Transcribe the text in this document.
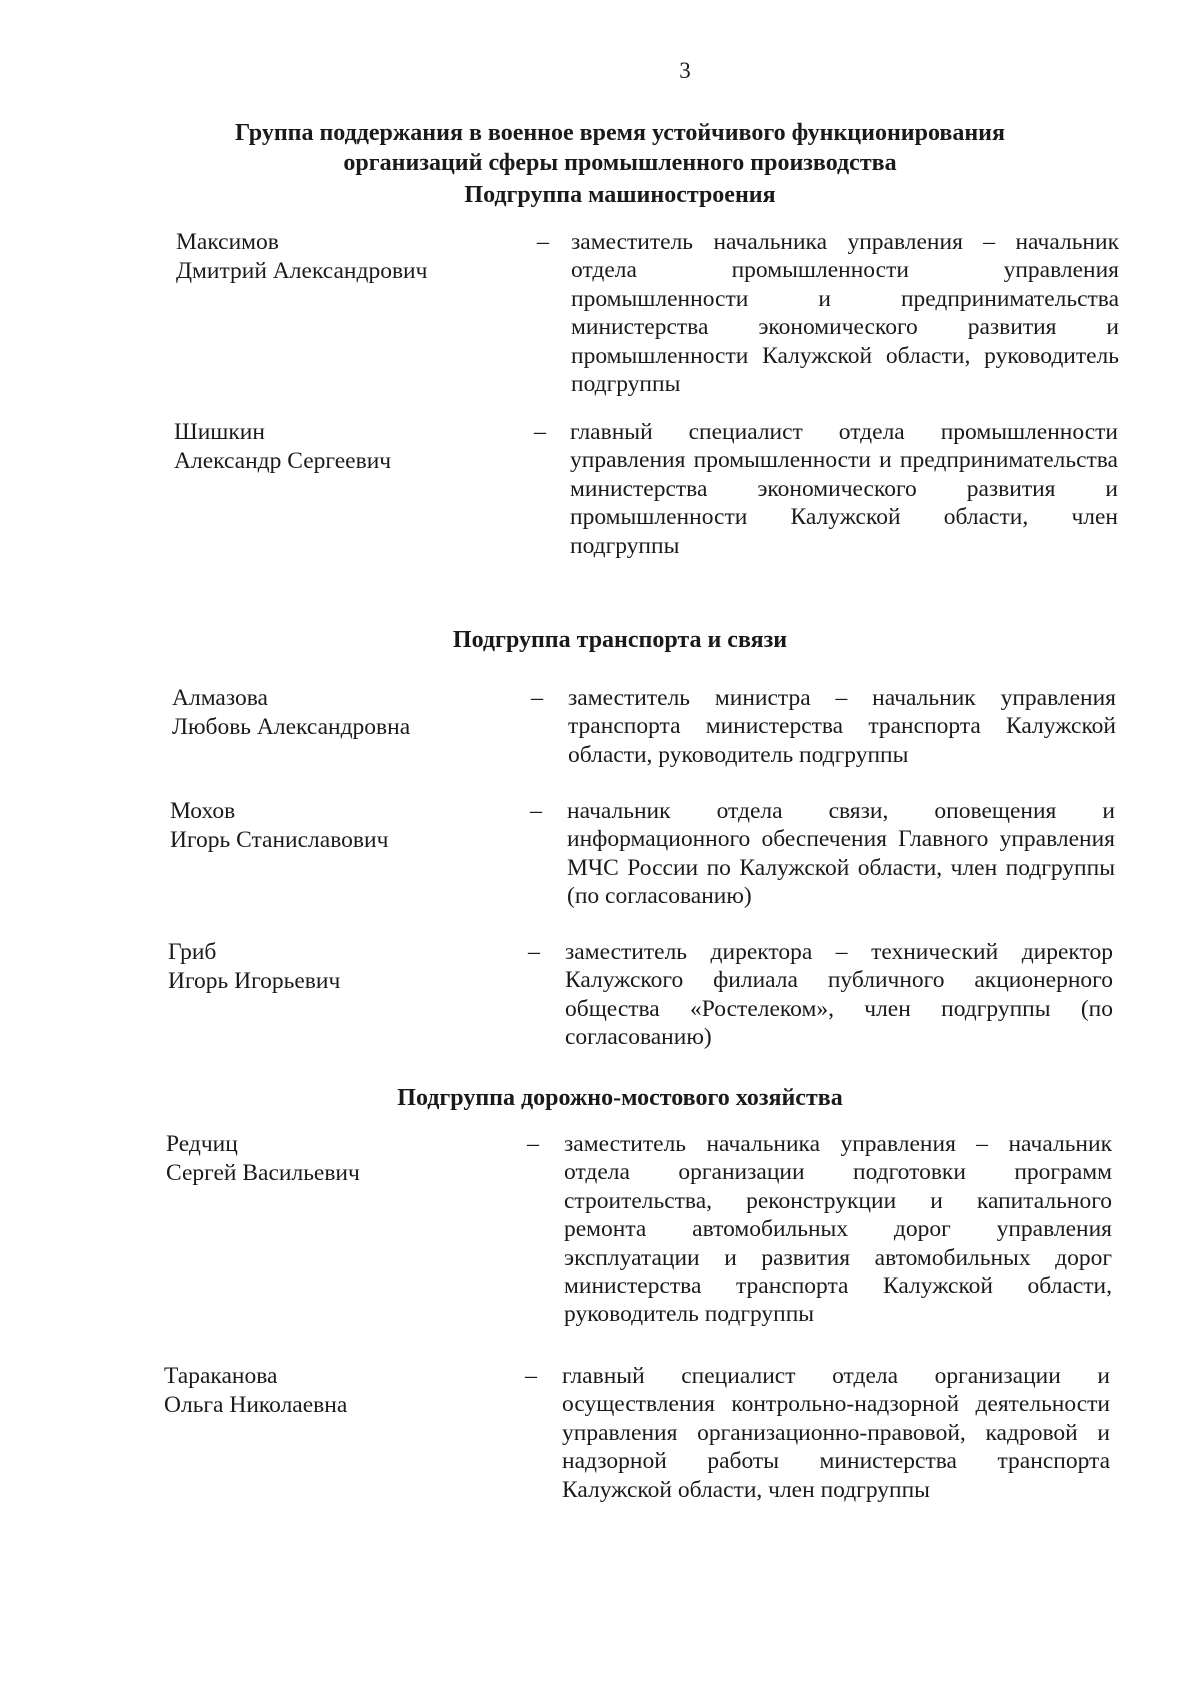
3
Группа поддержания в военное время устойчивого функционирования организаций сферы промышленного производства
Подгруппа машиностроения
Максимов
Дмитрий Александрович
– заместитель начальника управления – начальник отдела промышленности управления промышленности и предпринимательства министерства экономического развития и промышленности Калужской области, руководитель подгруппы
Шишкин
Александр Сергеевич
– главный специалист отдела промышленности управления промышленности и предпринимательства министерства экономического развития и промышленности Калужской области, член подгруппы
Подгруппа транспорта и связи
Алмазова
Любовь Александровна
– заместитель министра – начальник управления транспорта министерства транспорта Калужской области, руководитель подгруппы
Мохов
Игорь Станиславович
– начальник отдела связи, оповещения и информационного обеспечения Главного управления МЧС России по Калужской области, член подгруппы (по согласованию)
Гриб
Игорь Игорьевич
– заместитель директора – технический директор Калужского филиала публичного акционерного общества «Ростелеком», член подгруппы (по согласованию)
Подгруппа дорожно-мостового хозяйства
Редчиц
Сергей Васильевич
– заместитель начальника управления – начальник отдела организации подготовки программ строительства, реконструкции и капитального ремонта автомобильных дорог управления эксплуатации и развития автомобильных дорог министерства транспорта Калужской области, руководитель подгруппы
Тараканова
Ольга Николаевна
– главный специалист отдела организации и осуществления контрольно-надзорной деятельности управления организационно-правовой, кадровой и надзорной работы министерства транспорта Калужской области, член подгруппы
